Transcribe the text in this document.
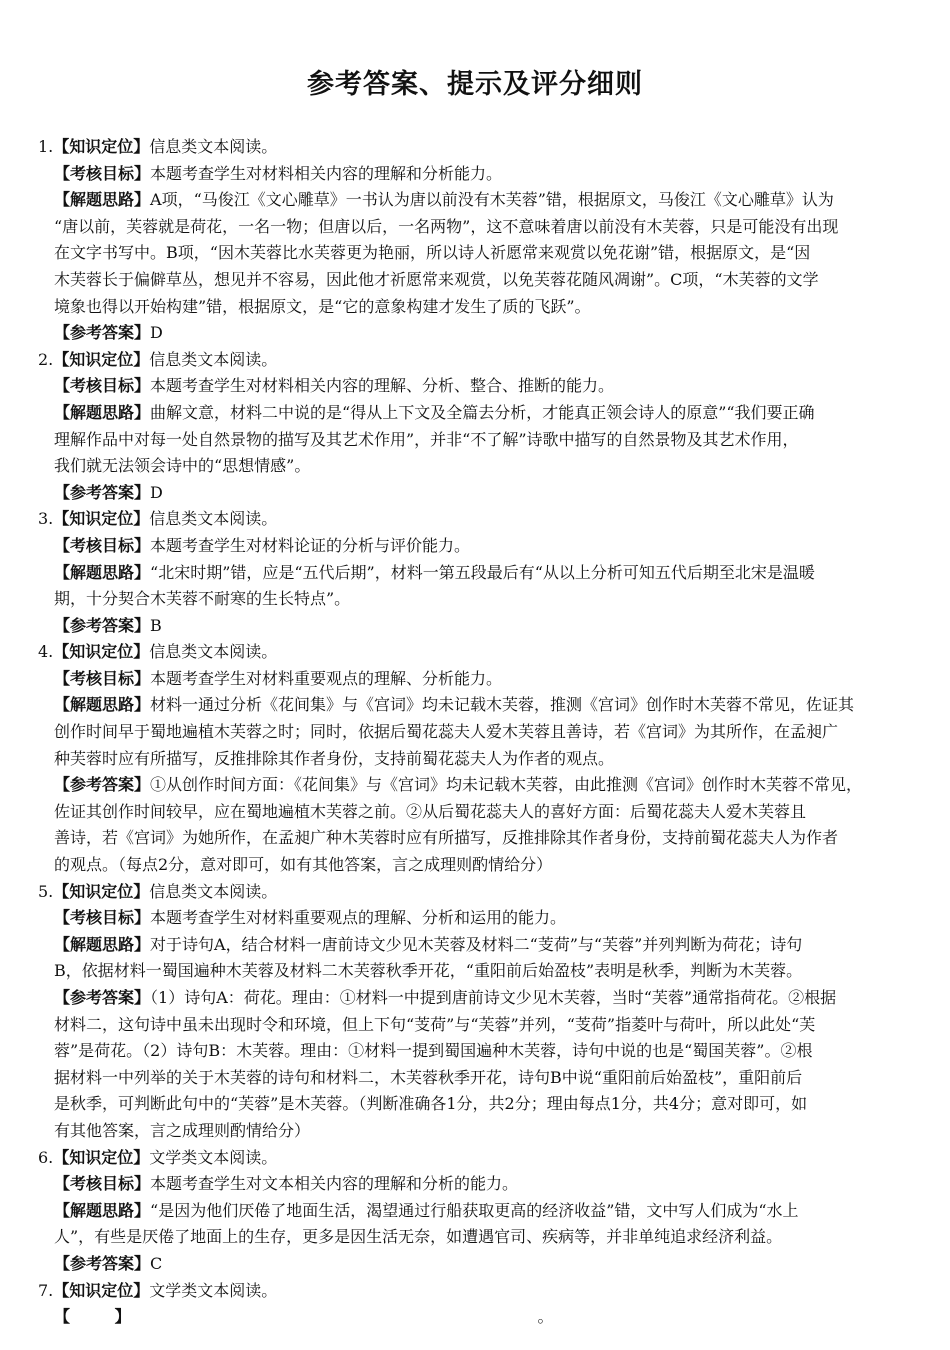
参考答案、提示及评分细则
1.【知识定位】信息类文本阅读。
【考核目标】本题考查学生对材料相关内容的理解和分析能力。
【解题思路】A项，“马俊江《文心雕草》一书认为唐以前没有木芙蓉”错，根据原文，马俊江《文心雕草》认为
“唐以前，芙蓉就是荷花，一名一物；但唐以后，一名两物”，这不意味着唐以前没有木芙蓉，只是可能没有出现
在文字书写中。B项，“因木芙蓉比水芙蓉更为艳丽，所以诗人祈愿常来观赏以免花谢”错，根据原文，是“因
木芙蓉长于偏僻草丛，想见并不容易，因此他才祈愿常来观赏，以免芙蓉花随风凋谢”。C项，“木芙蓉的文学
境象也得以开始构建”错，根据原文，是“它的意象构建才发生了质的飞跃”。
【参考答案】D
2.【知识定位】信息类文本阅读。
【考核目标】本题考查学生对材料相关内容的理解、分析、整合、推断的能力。
【解题思路】曲解文意，材料二中说的是“得从上下文及全篇去分析，才能真正领会诗人的原意”“我们要正确
理解作品中对每一处自然景物的描写及其艺术作用”，并非“不了解”诗歌中描写的自然景物及其艺术作用，
我们就无法领会诗中的“思想情感”。
【参考答案】D
3.【知识定位】信息类文本阅读。
【考核目标】本题考查学生对材料论证的分析与评价能力。
【解题思路】“北宋时期”错，应是“五代后期”，材料一第五段最后有“从以上分析可知五代后期至北宋是温暖
期，十分契合木芙蓉不耐寒的生长特点”。
【参考答案】B
4.【知识定位】信息类文本阅读。
【考核目标】本题考查学生对材料重要观点的理解、分析能力。
【解题思路】材料一通过分析《花间集》与《宫词》均未记载木芙蓉，推测《宫词》创作时木芙蓉不常见，佐证其
创作时间早于蜀地遍植木芙蓉之时；同时，依据后蜀花蕊夫人爱木芙蓉且善诗，若《宫词》为其所作，在孟昶广
种芙蓉时应有所描写，反推排除其作者身份，支持前蜀花蕊夫人为作者的观点。
【参考答案】①从创作时间方面：《花间集》与《宫词》均未记载木芙蓉，由此推测《宫词》创作时木芙蓉不常见，
佐证其创作时间较早，应在蜀地遍植木芙蓉之前。②从后蜀花蕊夫人的喜好方面：后蜀花蕊夫人爱木芙蓉且
善诗，若《宫词》为她所作，在孟昶广种木芙蓉时应有所描写，反推排除其作者身份，支持前蜀花蕊夫人为作者
的观点。（每点2分，意对即可，如有其他答案，言之成理则酌情给分）
5.【知识定位】信息类文本阅读。
【考核目标】本题考查学生对材料重要观点的理解、分析和运用的能力。
【解题思路】对于诗句A，结合材料一唐前诗文少见木芙蓉及材料二“芰荷”与“芙蓉”并列判断为荷花；诗句
B，依据材料一蜀国遍种木芙蓉及材料二木芙蓉秋季开花，“重阳前后始盈枝”表明是秋季，判断为木芙蓉。
【参考答案】（1）诗句A：荷花。理由：①材料一中提到唐前诗文少见木芙蓉，当时“芙蓉”通常指荷花。②根据
材料二，这句诗中虽未出现时令和环境，但上下句“芰荷”与“芙蓉”并列，“芰荷”指菱叶与荷叶，所以此处“芙
蓉”是荷花。（2）诗句B：木芙蓉。理由：①材料一提到蜀国遍种木芙蓉，诗句中说的也是“蜀国芙蓉”。②根
据材料一中列举的关于木芙蓉的诗句和材料二，木芙蓉秋季开花，诗句B中说“重阳前后始盈枝”，重阳前后
是秋季，可判断此句中的“芙蓉”是木芙蓉。（判断准确各1分，共2分；理由每点1分，共4分；意对即可，如
有其他答案，言之成理则酌情给分）
6.【知识定位】文学类文本阅读。
【考核目标】本题考查学生对文本相关内容的理解和分析的能力。
【解题思路】“是因为他们厌倦了地面生活，渴望通过行船获取更高的经济收益”错，文中写人们成为“水上
人”，有些是厌倦了地面上的生存，更多是因生活无奈，如遭遇官司、疾病等，并非单纯追求经济利益。
【参考答案】C
7.【知识定位】文学类文本阅读。
【        】                                                                                。
